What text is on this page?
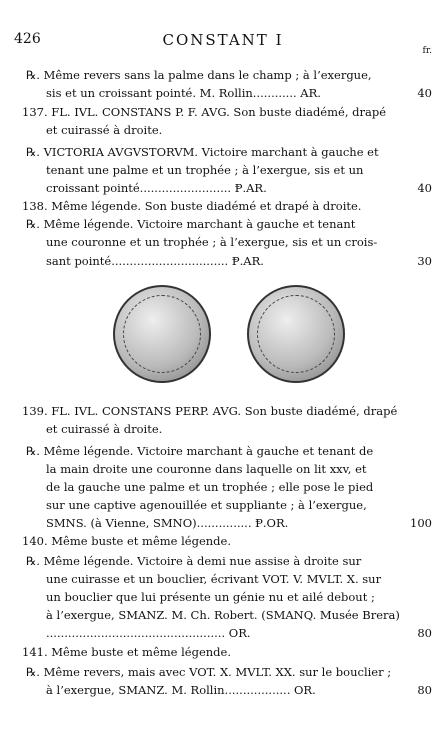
426	CONSTANT I
fr.
℞. Même revers sans la palme dans le champ ; à l’exergue,
sis et un croissant pointé. M. Rollin............ AR.	40
137. FL. IVL. CONSTANS P. F. AVG. Son buste diadémé, drapé
et cuirassé à droite.
℞. VICTORIA AVGVSTORVM. Victoire marchant à gauche et
tenant une palme et un trophée ; à l’exergue, sis et un
croissant pointé......................... Ᵽ.AR.	40
138. Même légende. Son buste diadémé et drapé à droite.
℞. Même légende. Victoire marchant à gauche et tenant
une couronne et un trophée ; à l’exergue, sis et un crois-
sant pointé................................ Ᵽ.AR.	30
139. FL. IVL. CONSTANS PERP. AVG. Son buste diadémé, drapé
et cuirassé à droite.
℞. Même légende. Victoire marchant à gauche et tenant de
la main droite une couronne dans laquelle on lit xxv, et
de la gauche une palme et un trophée ; elle pose le pied
sur une captive agenouillée et suppliante ; à l’exergue,
SMNS. (à Vienne, SMNO)............... Ᵽ.OR.	100
140. Même buste et même légende.
℞. Même légende. Victoire à demi nue assise à droite sur
une cuirasse et un bouclier, écrivant VOT. V. MVLT. X. sur
un bouclier que lui présente un génie nu et ailé debout ;
à l’exergue, SMANZ. M. Ch. Robert. (SMANQ. Musée Brera)
................................................. OR.	80
141. Même buste et même légende.
℞. Même revers, mais avec VOT. X. MVLT. XX. sur le bouclier ;
à l’exergue, SMANZ. M. Rollin.................. OR.	80
